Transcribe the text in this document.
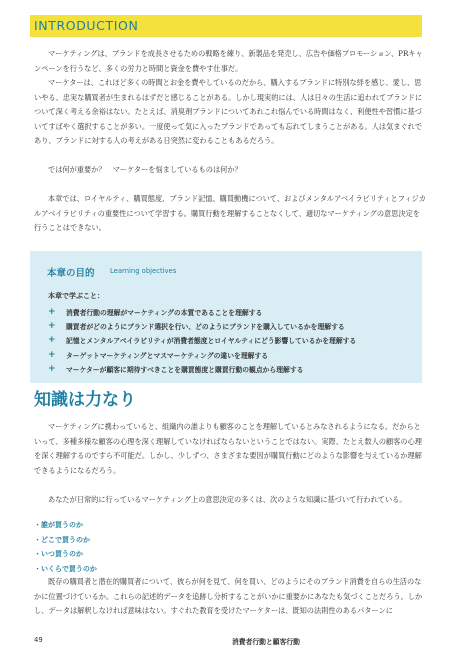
INTRODUCTION

マーケティングは、ブランドを成長させるための戦略を練り、新製品を発売し、広告や価格プロモーション、PRキャンペーンを行うなど、多くの労力と時間と資金を費やす仕事だ。

マーケターは、これほど多くの時間とお金を費やしているのだから、購入するブランドに特別な絆を感じ、愛し、思いやる、忠実な購買者が生まれるはずだと感じることがある。しかし現実的には、人は日々の生活に追われてブランドについて深く考える余裕はない。たとえば、消臭剤ブランドについてあれこれ悩んでいる時間はなく、利便性や習慣に基づいてすばやく選択することが多い。一度使って気に入ったブランドであっても忘れてしまうことがある。人は気まぐれであり、ブランドに対する人の考えがある日突然に変わることもあるだろう。

では何が重要か？　マーケターを悩ましているものは何か？

本章では、ロイヤルティ、購買態度、ブランド記憶、購買動機について、およびメンタルアベイラビリティとフィジカルアベイラビリティの重要性について学習する。購買行動を理解することなくして、適切なマーケティングの意思決定を行うことはできない。

本章の目的 Learning objectives
本章で学ぶこと：
+	消費者行動の理解がマーケティングの本質であることを理解する
+	購買者がどのようにブランド選択を行い、どのようにブランドを購入しているかを理解する
+	記憶とメンタルアベイラビリティが消費者態度とロイヤルティにどう影響しているかを理解する
+	ターゲットマーケティングとマスマーケティングの違いを理解する
+	マーケターが顧客に期待すべきことを購買態度と購買行動の観点から理解する
知識は力なり

マーケティングに携わっていると、組織内の誰よりも顧客のことを理解しているとみなされるようになる。だからといって、多種多様な顧客の心理を深く理解していなければならないということではない。実際、たとえ数人の顧客の心理を深く理解するのですら不可能だ。しかし、少しずつ、さまざまな要因が購買行動にどのような影響を与えているか理解できるようになるだろう。

あなたが日常的に行っているマーケティング上の意思決定の多くは、次のような知識に基づいて行われている。

・誰が買うのか
・どこで買うのか
・いつ買うのか
・いくらで買うのか

既存の購買者と潜在的購買者について、彼らが何を見て、何を買い、どのようにそのブランド消費を自らの生活のなかに位置づけているか。これらの記述的データを追跡し分析することがいかに重要かにあなたも気づくことだろう。しかし、データは解釈しなければ意味はない。すぐれた教育を受けたマーケターは、既知の法則性のあるパターンに

49	消費者行動と顧客行動
